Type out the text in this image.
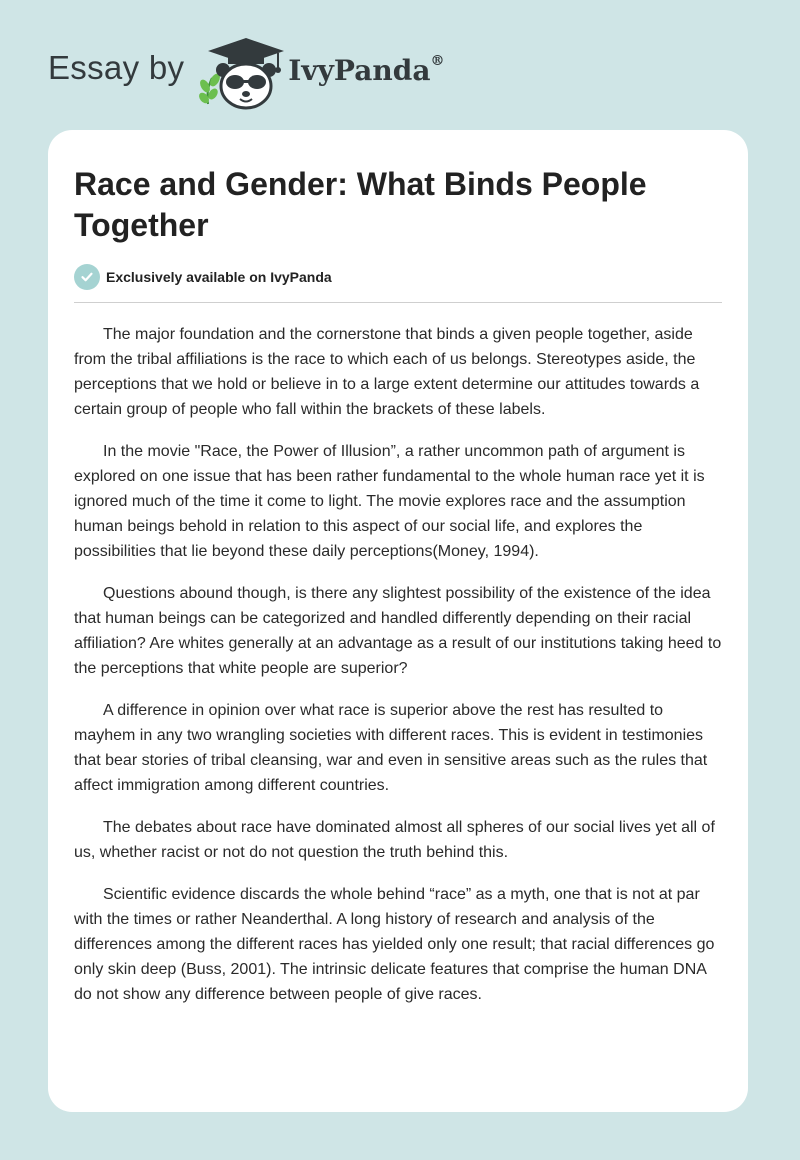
Essay by	IvyPanda®
Race and Gender: What Binds People Together
Exclusively available on IvyPanda

The major foundation and the cornerstone that binds a given people together, aside from the tribal affiliations is the race to which each of us belongs. Stereotypes aside, the perceptions that we hold or believe in to a large extent determine our attitudes towards a certain group of people who fall within the brackets of these labels.

In the movie "Race, the Power of Illusion”, a rather uncommon path of argument is explored on one issue that has been rather fundamental to the whole human race yet it is ignored much of the time it come to light. The movie explores race and the assumption human beings behold in relation to this aspect of our social life, and explores the possibilities that lie beyond these daily perceptions(Money, 1994).

Questions abound though, is there any slightest possibility of the existence of the idea that human beings can be categorized and handled differently depending on their racial affiliation? Are whites generally at an advantage as a result of our institutions taking heed to the perceptions that white people are superior?

A difference in opinion over what race is superior above the rest has resulted to mayhem in any two wrangling societies with different races. This is evident in testimonies that bear stories of tribal cleansing, war and even in sensitive areas such as the rules that affect immigration among different countries.

The debates about race have dominated almost all spheres of our social lives yet all of us, whether racist or not do not question the truth behind this.

Scientific evidence discards the whole behind “race” as a myth, one that is not at par with the times or rather Neanderthal. A long history of research and analysis of the differences among the different races has yielded only one result; that racial differences go only skin deep (Buss, 2001). The intrinsic delicate features that comprise the human DNA do not show any difference between people of give races.
